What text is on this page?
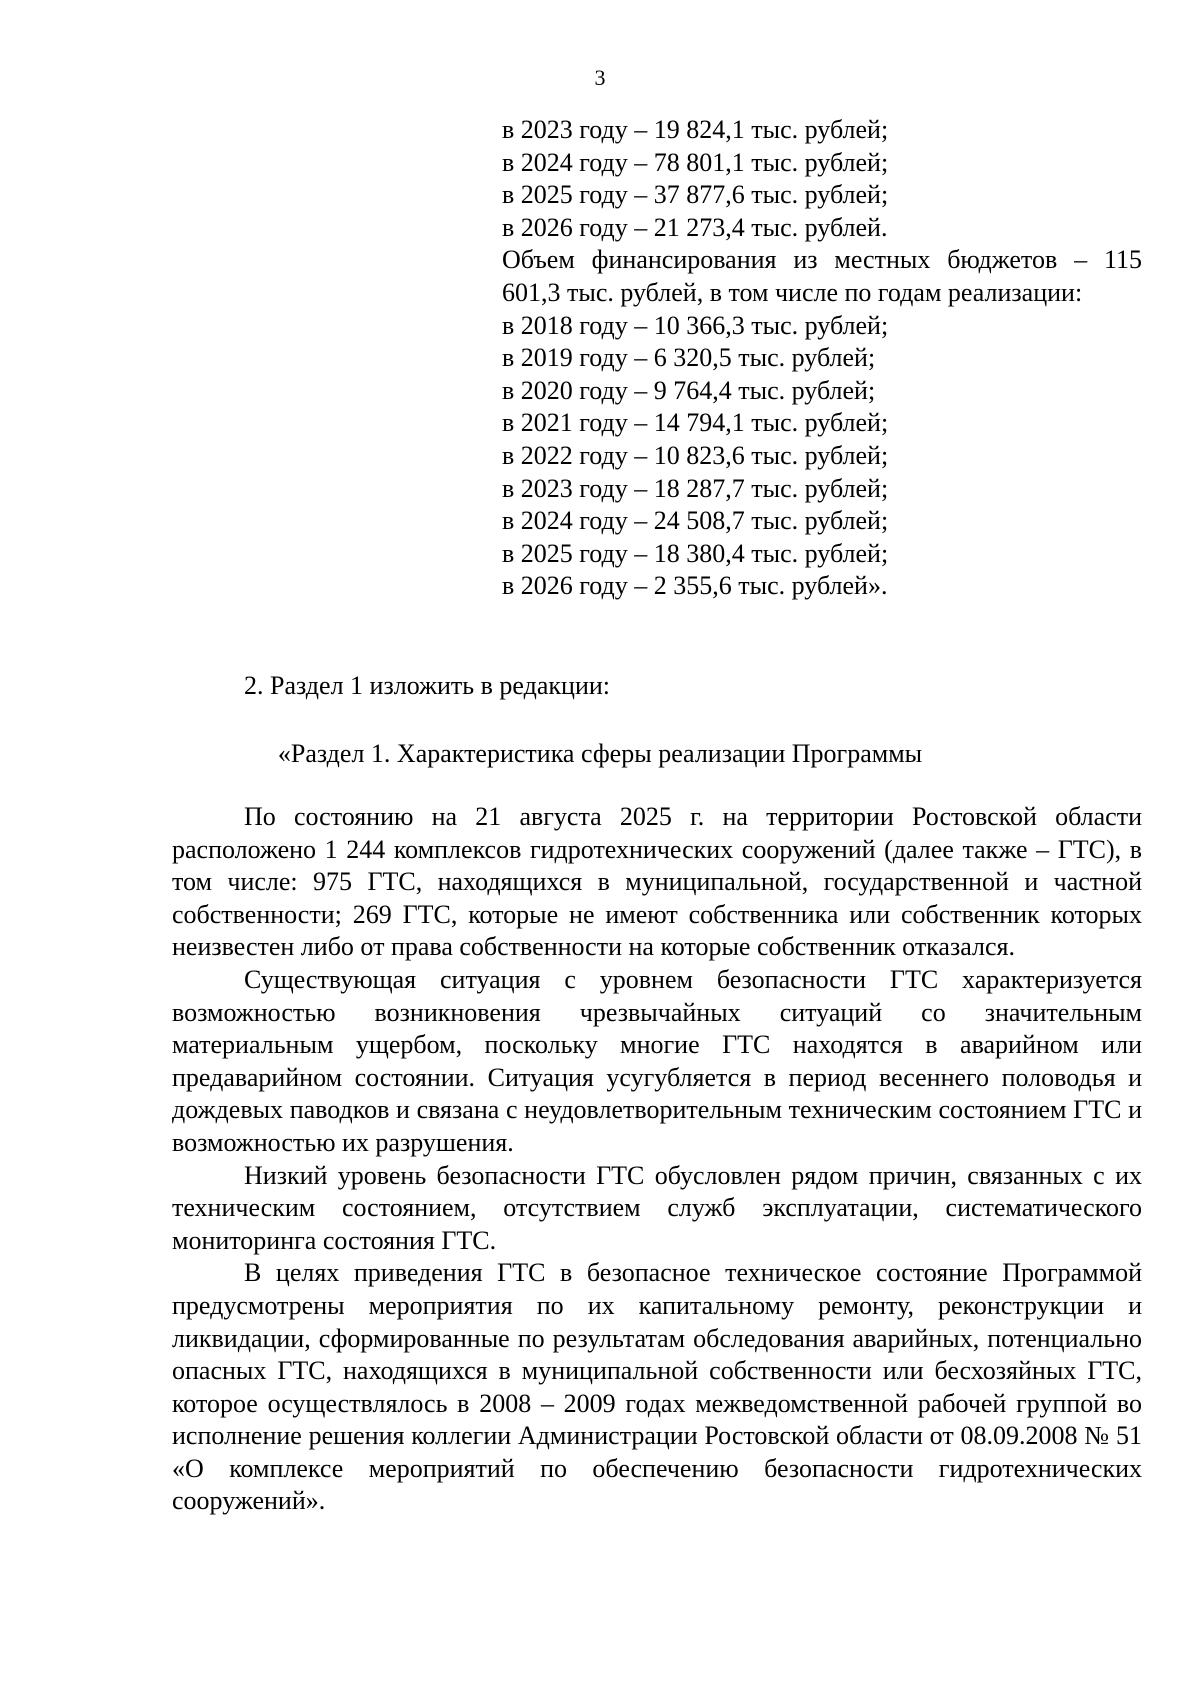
3
в 2023 году – 19 824,1 тыс. рублей;
в 2024 году – 78 801,1 тыс. рублей;
в 2025 году – 37 877,6 тыс. рублей;
в 2026 году – 21 273,4 тыс. рублей.
Объем финансирования из местных бюджетов – 115 601,3 тыс. рублей, в том числе по годам реализации:
в 2018 году – 10 366,3 тыс. рублей;
в 2019 году – 6 320,5 тыс. рублей;
в 2020 году – 9 764,4 тыс. рублей;
в 2021 году – 14 794,1 тыс. рублей;
в 2022 году – 10 823,6 тыс. рублей;
в 2023 году – 18 287,7 тыс. рублей;
в 2024 году – 24 508,7 тыс. рублей;
в 2025 году – 18 380,4 тыс. рублей;
в 2026 году – 2 355,6 тыс. рублей».
2. Раздел 1 изложить в редакции:
«Раздел 1. Характеристика сферы реализации Программы

По состоянию на 21 августа 2025 г. на территории Ростовской области расположено 1 244 комплексов гидротехнических сооружений (далее также – ГТС), в том числе: 975 ГТС, находящихся в муниципальной, государственной и частной собственности; 269 ГТС, которые не имеют собственника или собственник которых неизвестен либо от права собственности на которые собственник отказался.

Существующая ситуация с уровнем безопасности ГТС характеризуется возможностью возникновения чрезвычайных ситуаций со значительным материальным ущербом, поскольку многие ГТС находятся в аварийном или предаварийном состоянии. Ситуация усугубляется в период весеннего половодья и дождевых паводков и связана с неудовлетворительным техническим состоянием ГТС и возможностью их разрушения.

Низкий уровень безопасности ГТС обусловлен рядом причин, связанных с их техническим состоянием, отсутствием служб эксплуатации, систематического мониторинга состояния ГТС.

В целях приведения ГТС в безопасное техническое состояние Программой предусмотрены мероприятия по их капитальному ремонту, реконструкции и ликвидации, сформированные по результатам обследования аварийных, потенциально опасных ГТС, находящихся в муниципальной собственности или бесхозяйных ГТС, которое осуществлялось в 2008 – 2009 годах межведомственной рабочей группой во исполнение решения коллегии Администрации Ростовской области от 08.09.2008 № 51 «О комплексе мероприятий по обеспечению безопасности гидротехнических сооружений».
